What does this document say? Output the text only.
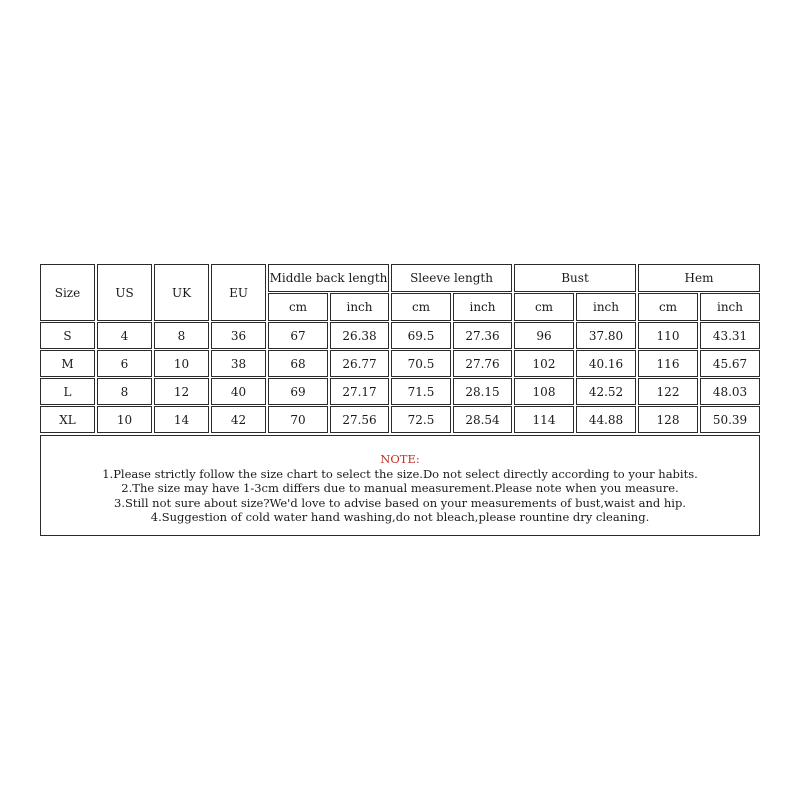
Size	US	UK	EU
Middle back length	Sleeve length	Bust	Hem
cm	inch	cm	inch	cm	inch	cm	inch
S	4	8	36	67	26.38	69.5	27.36	96	37.80	110	43.31
M	6	10	38	68	26.77	70.5	27.76	102	40.16	116	45.67
L	8	12	40	69	27.17	71.5	28.15	108	42.52	122	48.03
XL	10	14	42	70	27.56	72.5	28.54	114	44.88	128	50.39
NOTE:
1.Please strictly follow the size chart to select the size.Do not select directly according to your habits.
2.The size may have 1-3cm differs due to manual measurement.Please note when you measure.
3.Still not sure about size?We'd love to advise based on your measurements of bust,waist and hip.
4.Suggestion of cold water hand washing,do not bleach,please rountine dry cleaning.
